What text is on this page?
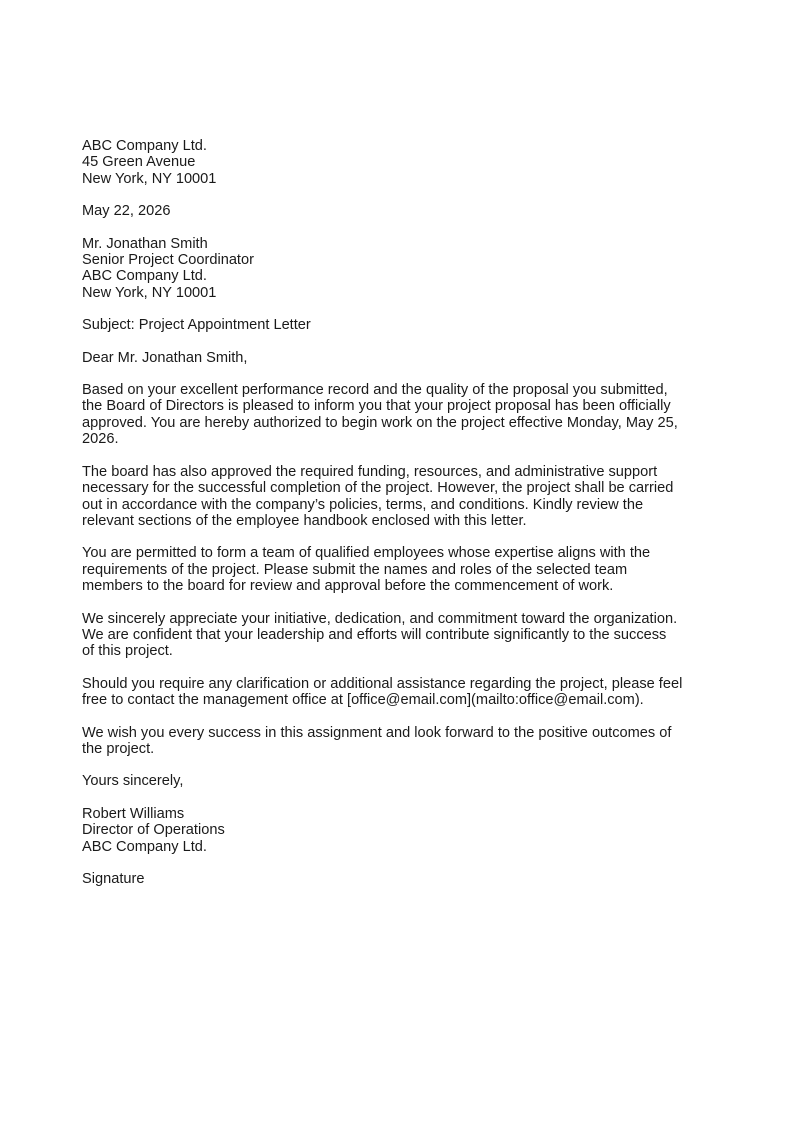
ABC Company Ltd.
45 Green Avenue
New York, NY 10001
May 22, 2026
Mr. Jonathan Smith
Senior Project Coordinator
ABC Company Ltd.
New York, NY 10001
Subject: Project Appointment Letter
Dear Mr. Jonathan Smith,
Based on your excellent performance record and the quality of the proposal you submitted,
the Board of Directors is pleased to inform you that your project proposal has been officially
approved. You are hereby authorized to begin work on the project effective Monday, May 25,
2026.
The board has also approved the required funding, resources, and administrative support
necessary for the successful completion of the project. However, the project shall be carried
out in accordance with the company’s policies, terms, and conditions. Kindly review the
relevant sections of the employee handbook enclosed with this letter.
You are permitted to form a team of qualified employees whose expertise aligns with the
requirements of the project. Please submit the names and roles of the selected team
members to the board for review and approval before the commencement of work.
We sincerely appreciate your initiative, dedication, and commitment toward the organization.
We are confident that your leadership and efforts will contribute significantly to the success
of this project.
Should you require any clarification or additional assistance regarding the project, please feel
free to contact the management office at [office@email.com](mailto:office@email.com).
We wish you every success in this assignment and look forward to the positive outcomes of
the project.
Yours sincerely,
Robert Williams
Director of Operations
ABC Company Ltd.
Signature
